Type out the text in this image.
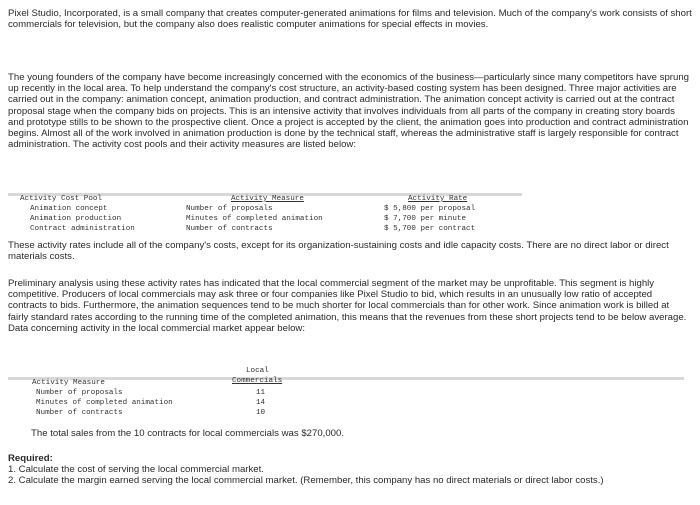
Pixel Studio, Incorporated, is a small company that creates computer-generated animations for films and television. Much of the company's work consists of short commercials for television, but the company also does realistic computer animations for special effects in movies.

The young founders of the company have become increasingly concerned with the economics of the business—particularly since many competitors have sprung up recently in the local area. To help understand the company's cost structure, an activity-based costing system has been designed. Three major activities are carried out in the company: animation concept, animation production, and contract administration. The animation concept activity is carried out at the contract proposal stage when the company bids on projects. This is an intensive activity that involves individuals from all parts of the company in creating story boards and prototype stills to be shown to the prospective client. Once a project is accepted by the client, the animation goes into production and contract administration begins. Almost all of the work involved in animation production is done by the technical staff, whereas the administrative staff is largely responsible for contract administration. The activity cost pools and their activity measures are listed below:

Activity Cost Pool	Activity Measure	Activity Rate
Animation concept	Number of proposals	$ 5,800 per proposal
Animation production	Minutes of completed animation	$ 7,700 per minute
Contract administration	Number of contracts	$ 5,700 per contract

These activity rates include all of the company's costs, except for its organization-sustaining costs and idle capacity costs. There are no direct labor or direct materials costs.

Preliminary analysis using these activity rates has indicated that the local commercial segment of the market may be unprofitable. This segment is highly competitive. Producers of local commercials may ask three or four companies like Pixel Studio to bid, which results in an unusually low ratio of accepted contracts to bids. Furthermore, the animation sequences tend to be much shorter for local commercials than for other work. Since animation work is billed at fairly standard rates according to the running time of the completed animation, this means that the revenues from these short projects tend to be below average. Data concerning activity in the local commercial market appear below:

Local
Activity Measure	Commercials
Number of proposals	11
Minutes of completed animation	14
Number of contracts	10

The total sales from the 10 contracts for local commercials was $270,000.

Required:

1. Calculate the cost of serving the local commercial market.

2. Calculate the margin earned serving the local commercial market. (Remember, this company has no direct materials or direct labor costs.)
